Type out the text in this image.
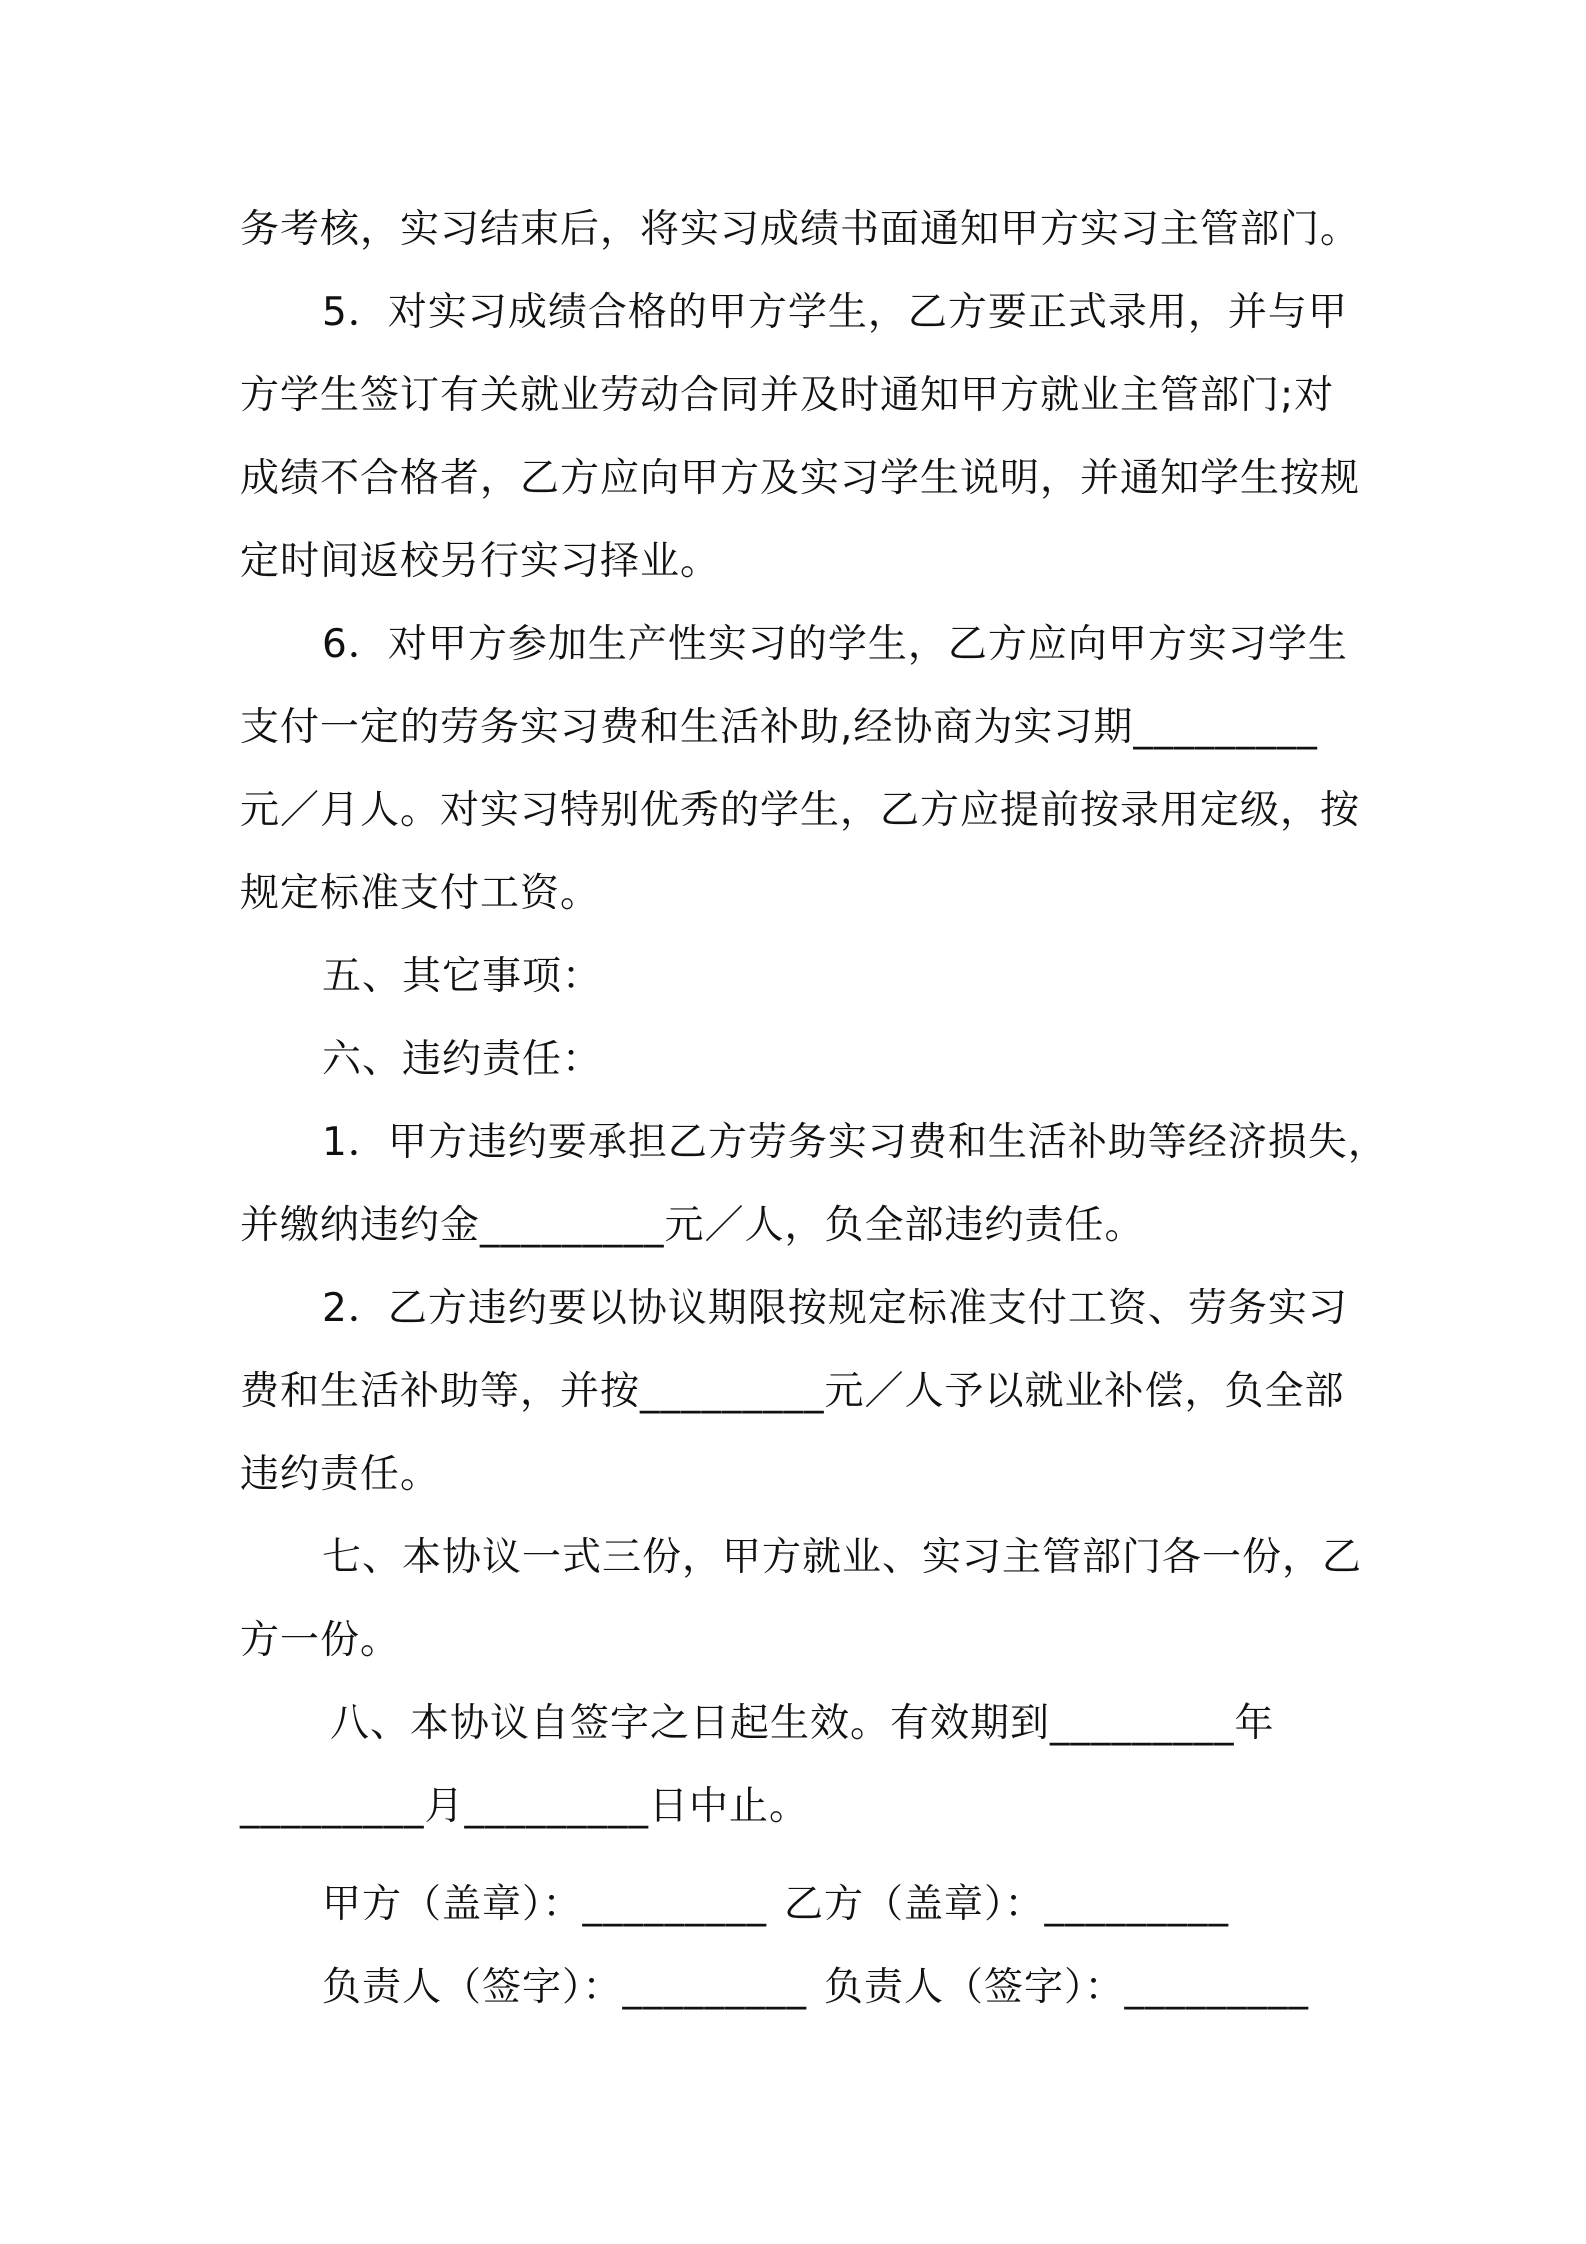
务考核，实习结束后，将实习成绩书面通知甲方实习主管部门。
5．对实习成绩合格的甲方学生，乙方要正式录用，并与甲
方学生签订有关就业劳动合同并及时通知甲方就业主管部门;对
成绩不合格者，乙方应向甲方及实习学生说明，并通知学生按规
定时间返校另行实习择业。
6．对甲方参加生产性实习的学生，乙方应向甲方实习学生
支付一定的劳务实习费和生活补助,经协商为实习期_________
元／月人。对实习特别优秀的学生，乙方应提前按录用定级，按
规定标准支付工资。
五、其它事项：
六、违约责任：
1．甲方违约要承担乙方劳务实习费和生活补助等经济损失，
并缴纳违约金_________元／人，负全部违约责任。
2．乙方违约要以协议期限按规定标准支付工资、劳务实习
费和生活补助等，并按_________元／人予以就业补偿，负全部
违约责任。
七、本协议一式三份，甲方就业、实习主管部门各一份，乙
方一份。
八、本协议自签字之日起生效。有效期到_________年
_________月_________日中止。
甲方（盖章）：_________ 乙方（盖章）：_________
负责人（签字）：_________ 负责人（签字）：_________
